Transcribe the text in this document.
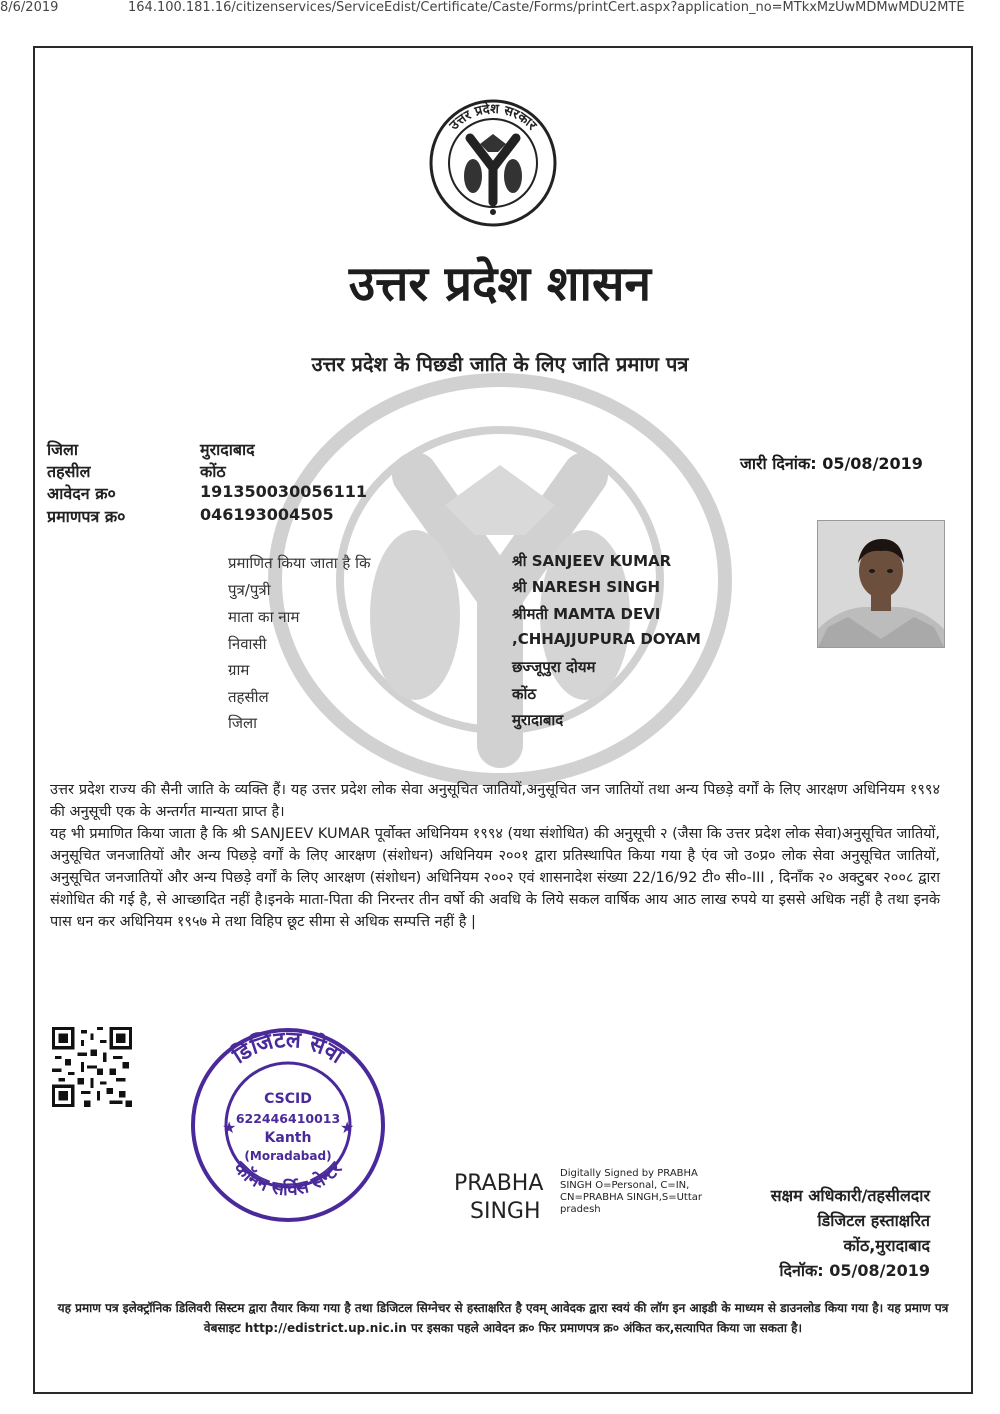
8/6/2019	164.100.181.16/citizenservices/ServiceEdist/Certificate/Caste/Forms/printCert.aspx?application_no=MTkxMzUwMDMwMDU2MTE
उत्तर प्रदेश सरकार
उत्तर प्रदेश शासन
उत्तर प्रदेश के पिछडी जाति के लिए जाति प्रमाण पत्र
जिला	मुरादाबाद
तहसील	कोंठ
आवेदन क्र०	191350030056111
प्रमाणपत्र क्र०	046193004505
जारी दिनांक: 05/08/2019
प्रमाणित किया जाता है कि	श्री SANJEEV KUMAR
पुत्र/पुत्री	श्री NARESH SINGH
माता का नाम	श्रीमती MAMTA DEVI
निवासी	,CHHAJJUPURA DOYAM
ग्राम	छज्जूपुरा दोयम
तहसील	कोंठ
जिला	मुरादाबाद

उत्तर प्रदेश राज्य की सैनी जाति के व्यक्ति हैं। यह उत्तर प्रदेश लोक सेवा अनुसूचित जातियों,अनुसूचित जन जातियों तथा अन्य पिछड़े वर्गों के लिए आरक्षण अधिनियम १९९४ की अनुसूची एक के अन्तर्गत मान्यता प्राप्त है।

यह भी प्रमाणित किया जाता है कि श्री SANJEEV KUMAR पूर्वोक्त अधिनियम १९९४ (यथा संशोधित) की अनुसूची २ (जैसा कि उत्तर प्रदेश लोक सेवा)अनुसूचित जातियों, अनुसूचित जनजातियों और अन्य पिछड़े वर्गों के लिए आरक्षण (संशोधन) अधिनियम २००१ द्वारा प्रतिस्थापित किया गया है एंव जो उ०प्र० लोक सेवा अनुसूचित जातियों, अनुसूचित जनजातियों और अन्य पिछड़े वर्गों के लिए आरक्षण (संशोधन) अधिनियम २००२ एवं शासनादेश संख्या 22/16/92 टी० सी०-III , दिनाँक २० अक्टुबर २००८ द्वारा संशोधित की गई है, से आच्छादित नहीं है।इनके माता-पिता की निरन्तर तीन वर्षो की अवधि के लिये सकल वार्षिक आय आठ लाख रुपये या इससे अधिक नहीं है तथा इनके पास धन कर अधिनियम १९५७ मे तथा विहिप छूट सीमा से अधिक सम्पत्ति नहीं है |

डिजिटल सेवा
कॉमन सर्विस सेन्टर
★	★
CSCID
622446410013
Kanth
(Moradabad)
PRABHA
SINGH
Digitally Signed by PRABHA SINGH O=Personal, C=IN, CN=PRABHA SINGH,S=Uttar pradesh
सक्षम अधिकारी/तहसीलदार
डिजिटल हस्ताक्षरित
कोंठ,मुरादाबाद
दिनॉक: 05/08/2019
यह प्रमाण पत्र इलेक्ट्रॉनिक डिलिवरी सिस्टम द्वारा तैयार किया गया है तथा डिजिटल सिग्नेचर से हस्ताक्षरित है एवम् आवेदक द्वारा स्वयं की लॉग इन आइडी के माध्यम से डाउनलोड किया गया है। यह प्रमाण पत्र वेबसाइट http://edistrict.up.nic.in पर इसका पहले आवेदन क्र० फिर प्रमाणपत्र क्र० अंकित कर,सत्यापित किया जा सकता है।
